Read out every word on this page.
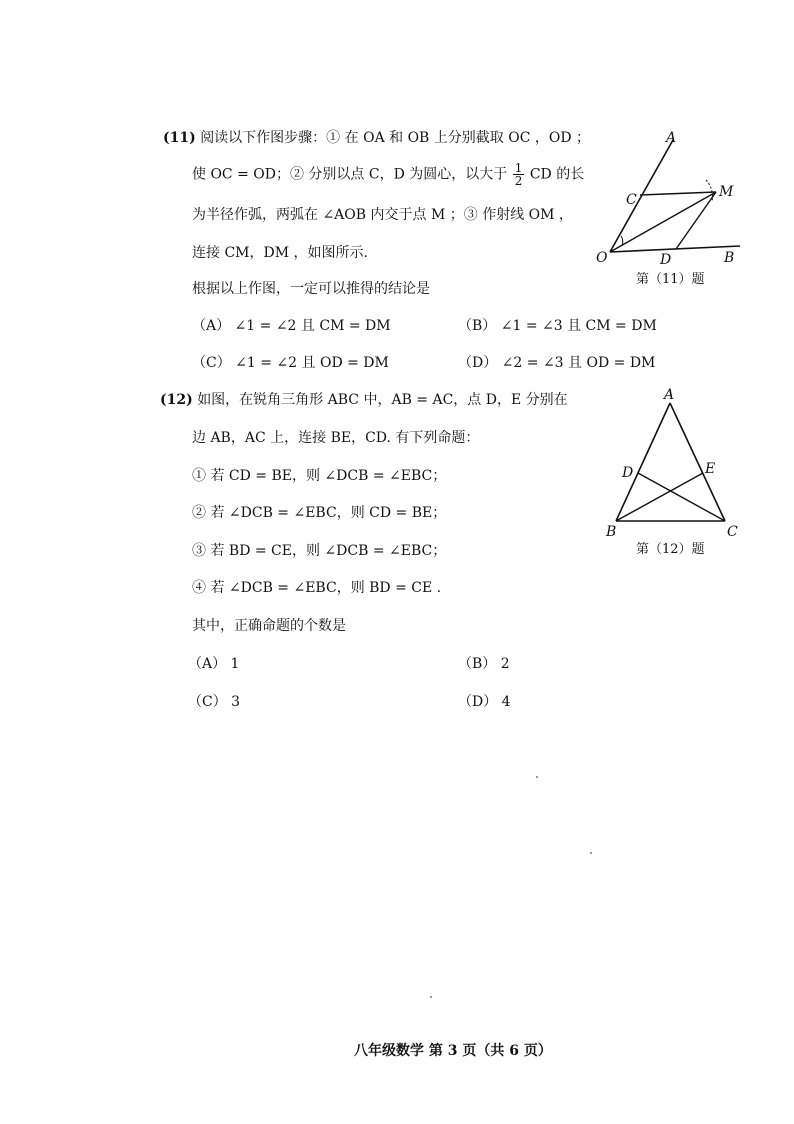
(11) 阅读以下作图步骤：① 在 OA 和 OB 上分别截取 OC ，OD ；
使 OC = OD；② 分别以点 C，D 为圆心，以大于 $\frac{1}{2}$ CD 的长
为半径作弧，两弧在 ∠AOB 内交于点 M ；③ 作射线 OM ，
连接 CM，DM ，如图所示.
根据以上作图，一定可以推得的结论是
（A） ∠1 = ∠2 且 CM = DM	（B） ∠1 = ∠3 且 CM = DM
（C） ∠1 = ∠2 且 OD = DM	（D） ∠2 = ∠3 且 OD = DM
A
C	M
O	D	B
第（11）题
(12) 如图，在锐角三角形 ABC 中，AB = AC，点 D，E 分别在
边 AB，AC 上，连接 BE，CD. 有下列命题：
① 若 CD = BE，则 ∠DCB = ∠EBC；
② 若 ∠DCB = ∠EBC，则 CD = BE；
③ 若 BD = CE，则 ∠DCB = ∠EBC；
④ 若 ∠DCB = ∠EBC，则 BD = CE .
其中，正确命题的个数是
（A） 1	（B） 2
（C） 3	（D） 4
A
D	E
B	C
第（12）题
八年级数学 第 3 页（共 6 页）
